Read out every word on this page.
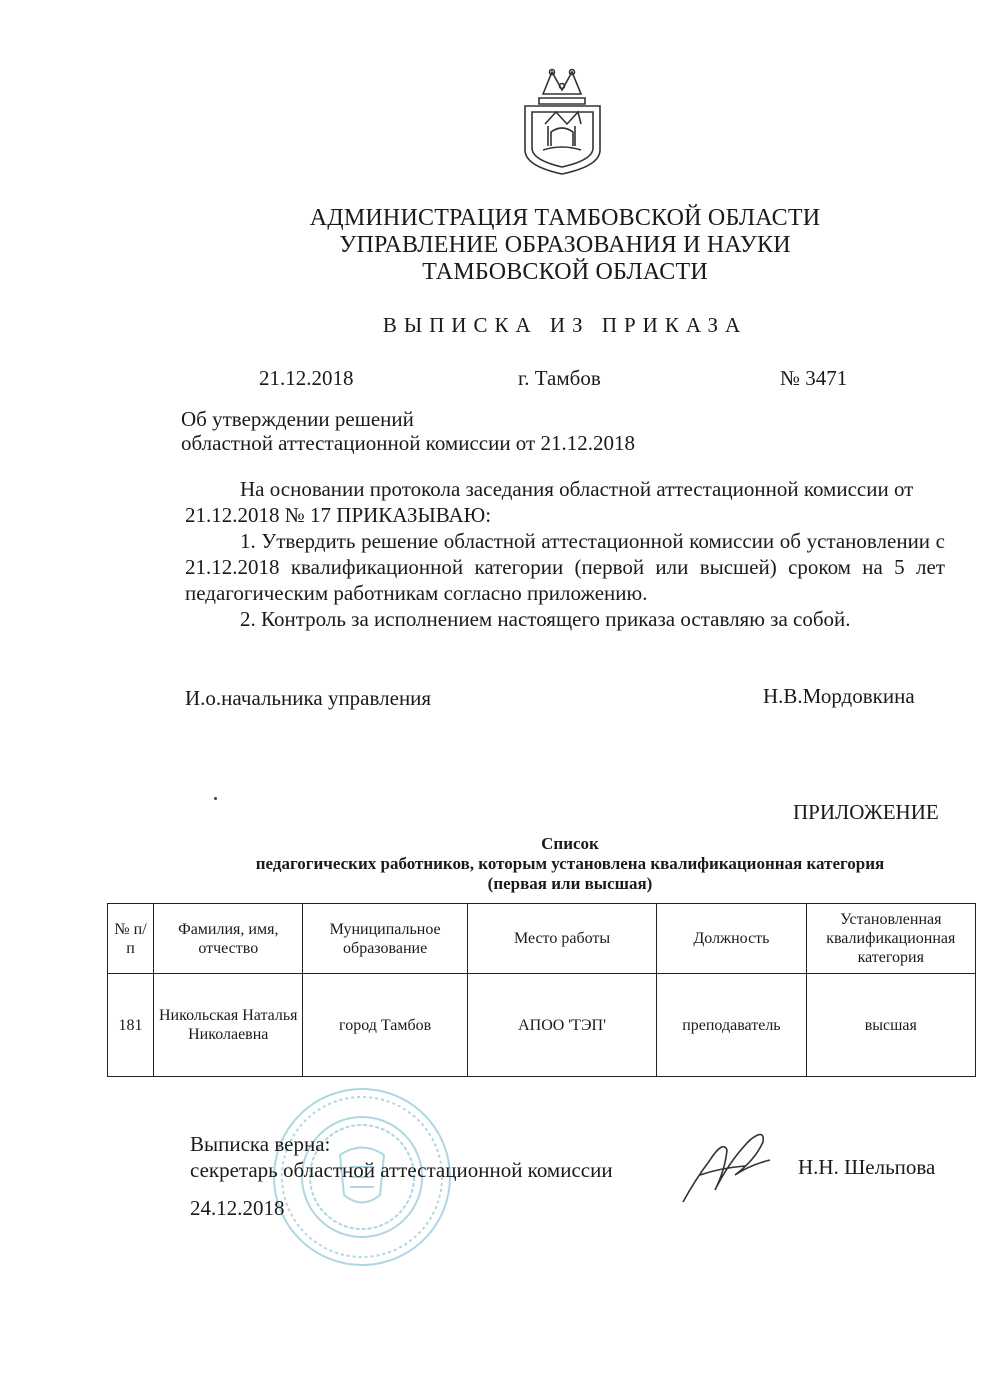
АДМИНИСТРАЦИЯ ТАМБОВСКОЙ ОБЛАСТИ
УПРАВЛЕНИЕ ОБРАЗОВАНИЯ И НАУКИ
ТАМБОВСКОЙ ОБЛАСТИ
ВЫПИСКА ИЗ ПРИКАЗА
21.12.2018	г. Тамбов	№ 3471
Об утверждении решений
областной аттестационной комиссии от 21.12.2018
На основании протокола заседания областной аттестационной комиссии от 21.12.2018 № 17 ПРИКАЗЫВАЮ:
1. Утвердить решение областной аттестационной комиссии об установлении с 21.12.2018 квалификационной категории (первой или высшей) сроком на 5 лет педагогическим работникам согласно приложению.
2. Контроль за исполнением настоящего приказа оставляю за собой.
И.о.начальника управления	Н.В.Мордовкина
ПРИЛОЖЕНИЕ
Список
педагогических работников, которым установлена квалификационная категория
(первая или высшая)
№ п/п	Фамилия, имя, отчество	Муниципальное образование	Место работы	Должность	Установленная квалификационная категория
181	Никольская Наталья Николаевна	город Тамбов	АПОО 'ТЭП'	преподаватель	высшая
Выписка верна:
секретарь областной аттестационной комиссии
24.12.2018
Н.Н. Шельпова
